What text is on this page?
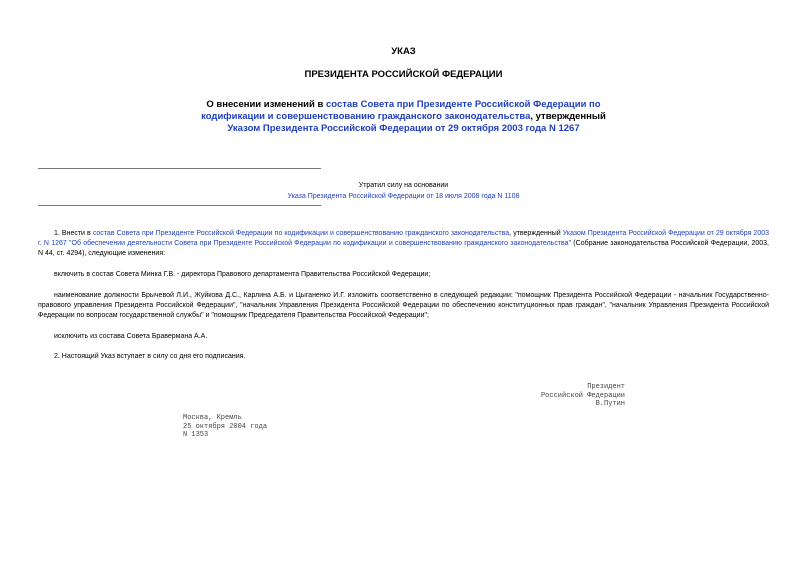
УКАЗ
ПРЕЗИДЕНТА РОССИЙСКОЙ ФЕДЕРАЦИИ
О внесении изменений в состав Совета при Президенте Российской Федерации по кодификации и совершенствованию гражданского законодательства, утвержденный
Указом Президента Российской Федерации от 29 октября 2003 года N 1267
Утратил силу на основании
Указа Президента Российской Федерации от 18 июля 2008 года N 1108

1. Внести в состав Совета при Президенте Российской Федерации по кодификации и совершенствованию гражданского законодательства, утвержденный Указом Президента Российской Федерации от 29 октября 2003 г. N 1267 "Об обеспечении деятельности Совета при Президенте Российской Федерации по кодификации и совершенствованию гражданского законодательства" (Собрание законодательства Российской Федерации, 2003, N 44, ст. 4294), следующие изменения:

включить в состав Совета Минка Г.В. - директора Правового департамента Правительства Российской Федерации;

наименование должности Брычевой Л.И., Жуйкова Д.С., Карлина А.Б. и Цыганенко И.Г. изложить соответственно в следующей редакции: "помощник Президента Российской Федерации - начальник Государственно-правового управления Президента Российской Федерации", "начальник Управления Президента Российской Федерации по обеспечению конституционных прав граждан", "начальник Управления Президента Российской Федерации по вопросам государственной службы" и "помощник Председателя Правительства Российской Федерации";

исключить из состава Совета Бравермана А.А.

2. Настоящий Указ вступает в силу со дня его подписания.

Президент
Российской Федерации
В.Путин
Москва, Кремль
25 октября 2004 года
N 1353
